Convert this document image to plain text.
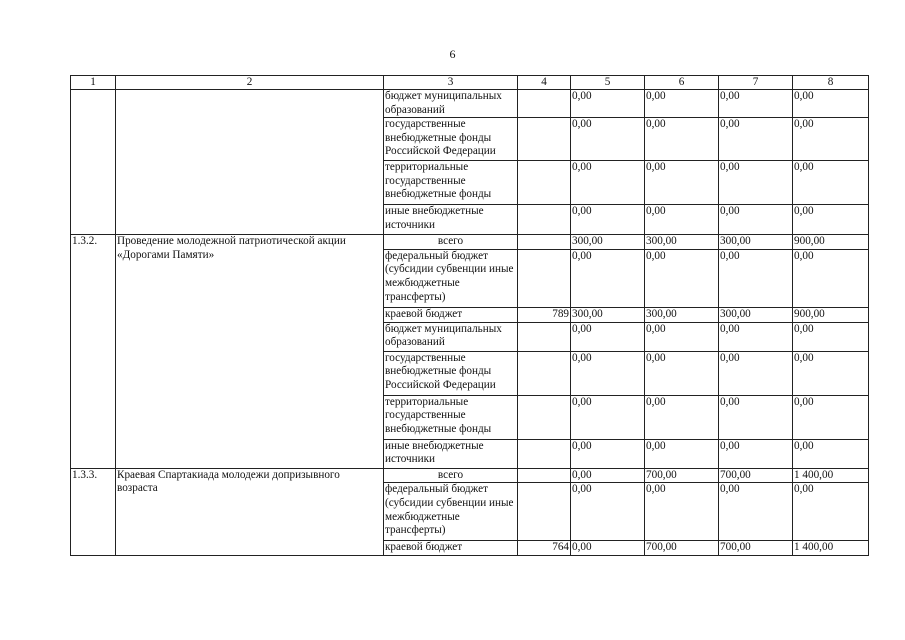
6
1	2	3	4	5	6	7	8
		бюджет муниципальных образований		0,00	0,00	0,00	0,00
		государственные внебюджетные фонды Российской Федерации		0,00	0,00	0,00	0,00
		территориальные государственные внебюджетные фонды		0,00	0,00	0,00	0,00
		иные внебюджетные источники		0,00	0,00	0,00	0,00
1.3.2.	Проведение молодежной патриотической акции «Дорогами Памяти»	всего		300,00	300,00	300,00	900,00
		федеральный бюджет (субсидии субвенции иные межбюджетные трансферты)		0,00	0,00	0,00	0,00
		краевой бюджет	789	300,00	300,00	300,00	900,00
		бюджет муниципальных образований		0,00	0,00	0,00	0,00
		государственные внебюджетные фонды Российской Федерации		0,00	0,00	0,00	0,00
		территориальные государственные внебюджетные фонды		0,00	0,00	0,00	0,00
		иные внебюджетные источники		0,00	0,00	0,00	0,00
1.3.3.	Краевая Спартакиада молодежи допризывного возраста	всего		0,00	700,00	700,00	1 400,00
		федеральный бюджет (субсидии субвенции иные межбюджетные трансферты)		0,00	0,00	0,00	0,00
		краевой бюджет	764	0,00	700,00	700,00	1 400,00
